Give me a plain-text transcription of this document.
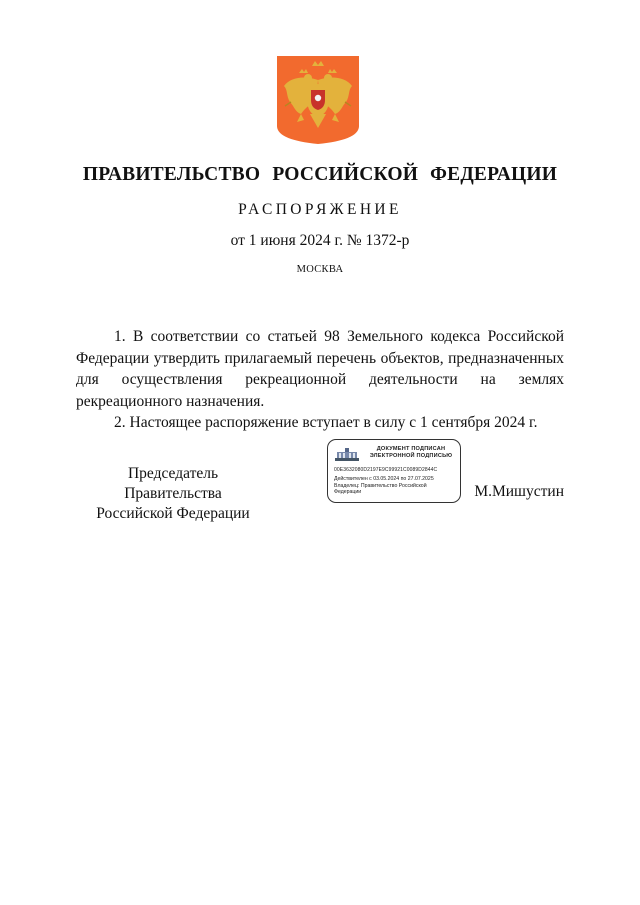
ПРАВИТЕЛЬСТВО РОССИЙСКОЙ ФЕДЕРАЦИИ
РАСПОРЯЖЕНИЕ
от 1 июня 2024 г. № 1372-р
МОСКВА

1. В соответствии со статьей 98 Земельного кодекса Российской Федерации утвердить прилагаемый перечень объектов, предназначенных для осуществления рекреационной деятельности на землях рекреационного назначения.

2. Настоящее распоряжение вступает в силу с 1 сентября 2024 г.

Председатель Правительства
Российской Федерации
ДОКУМЕНТ ПОДПИСАН
ЭЛЕКТРОННОЙ ПОДПИСЬЮ
00E3632080D2197E9C99921C0089D2844C
Действителен с 03.05.2024 по 27.07.2025
Владелец: Правительство Российской Федерации	М.Мишустин
